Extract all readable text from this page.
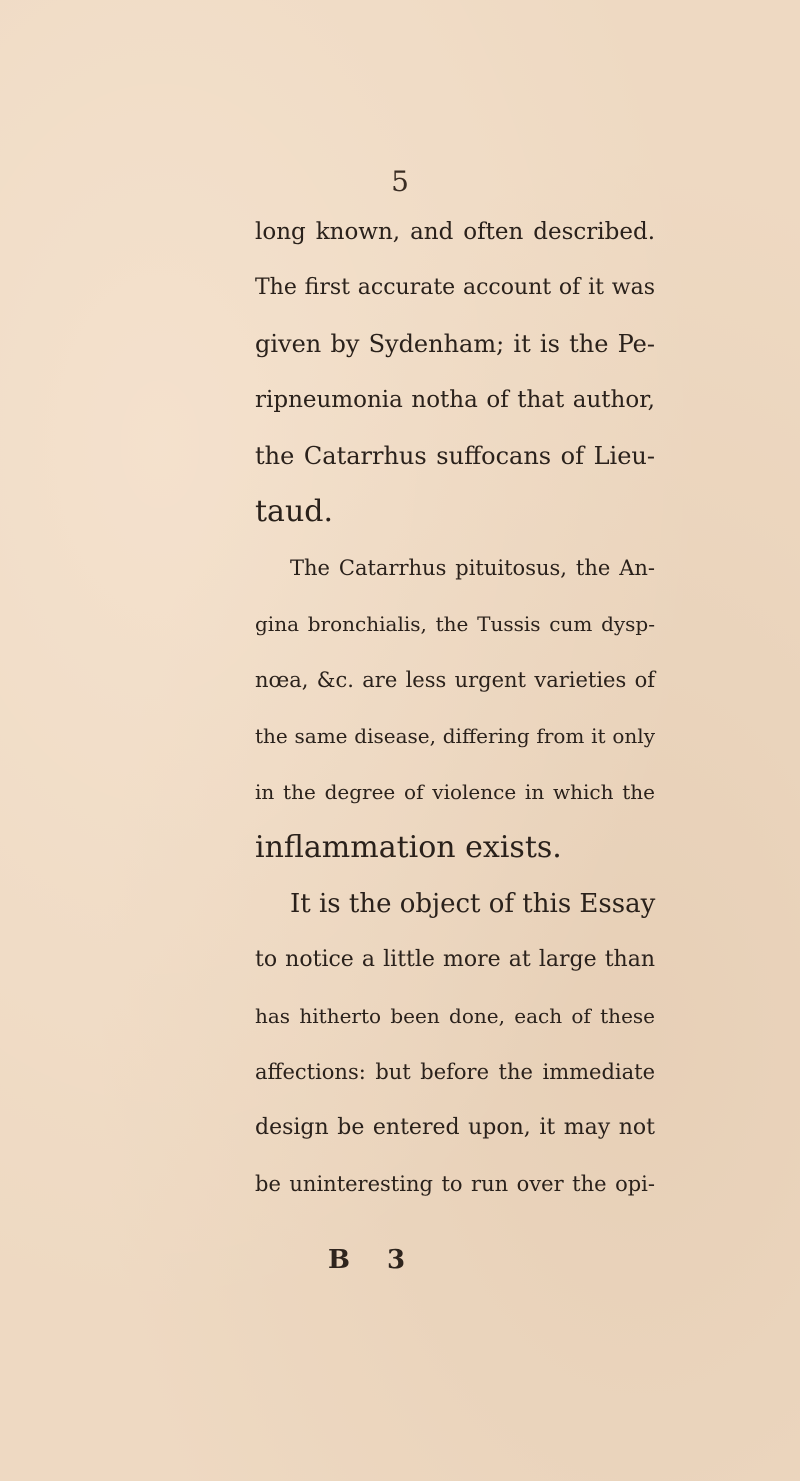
5
long known, and often described.
The first accurate account of it was
given by Sydenham; it is the Pe-
ripneumonia notha of that author,
the Catarrhus suffocans of Lieu-
taud.
The Catarrhus pituitosus, the An-
gina bronchialis, the Tussis cum dysp-
nœa, &c. are less urgent varieties of
the same disease, differing from it only
in the degree of violence in which the
inflammation exists.
It is the object of this Essay
to notice a little more at large than
has hitherto been done, each of these
affections: but before the immediate
design be entered upon, it may not
be uninteresting to run over the opi-
B 3
